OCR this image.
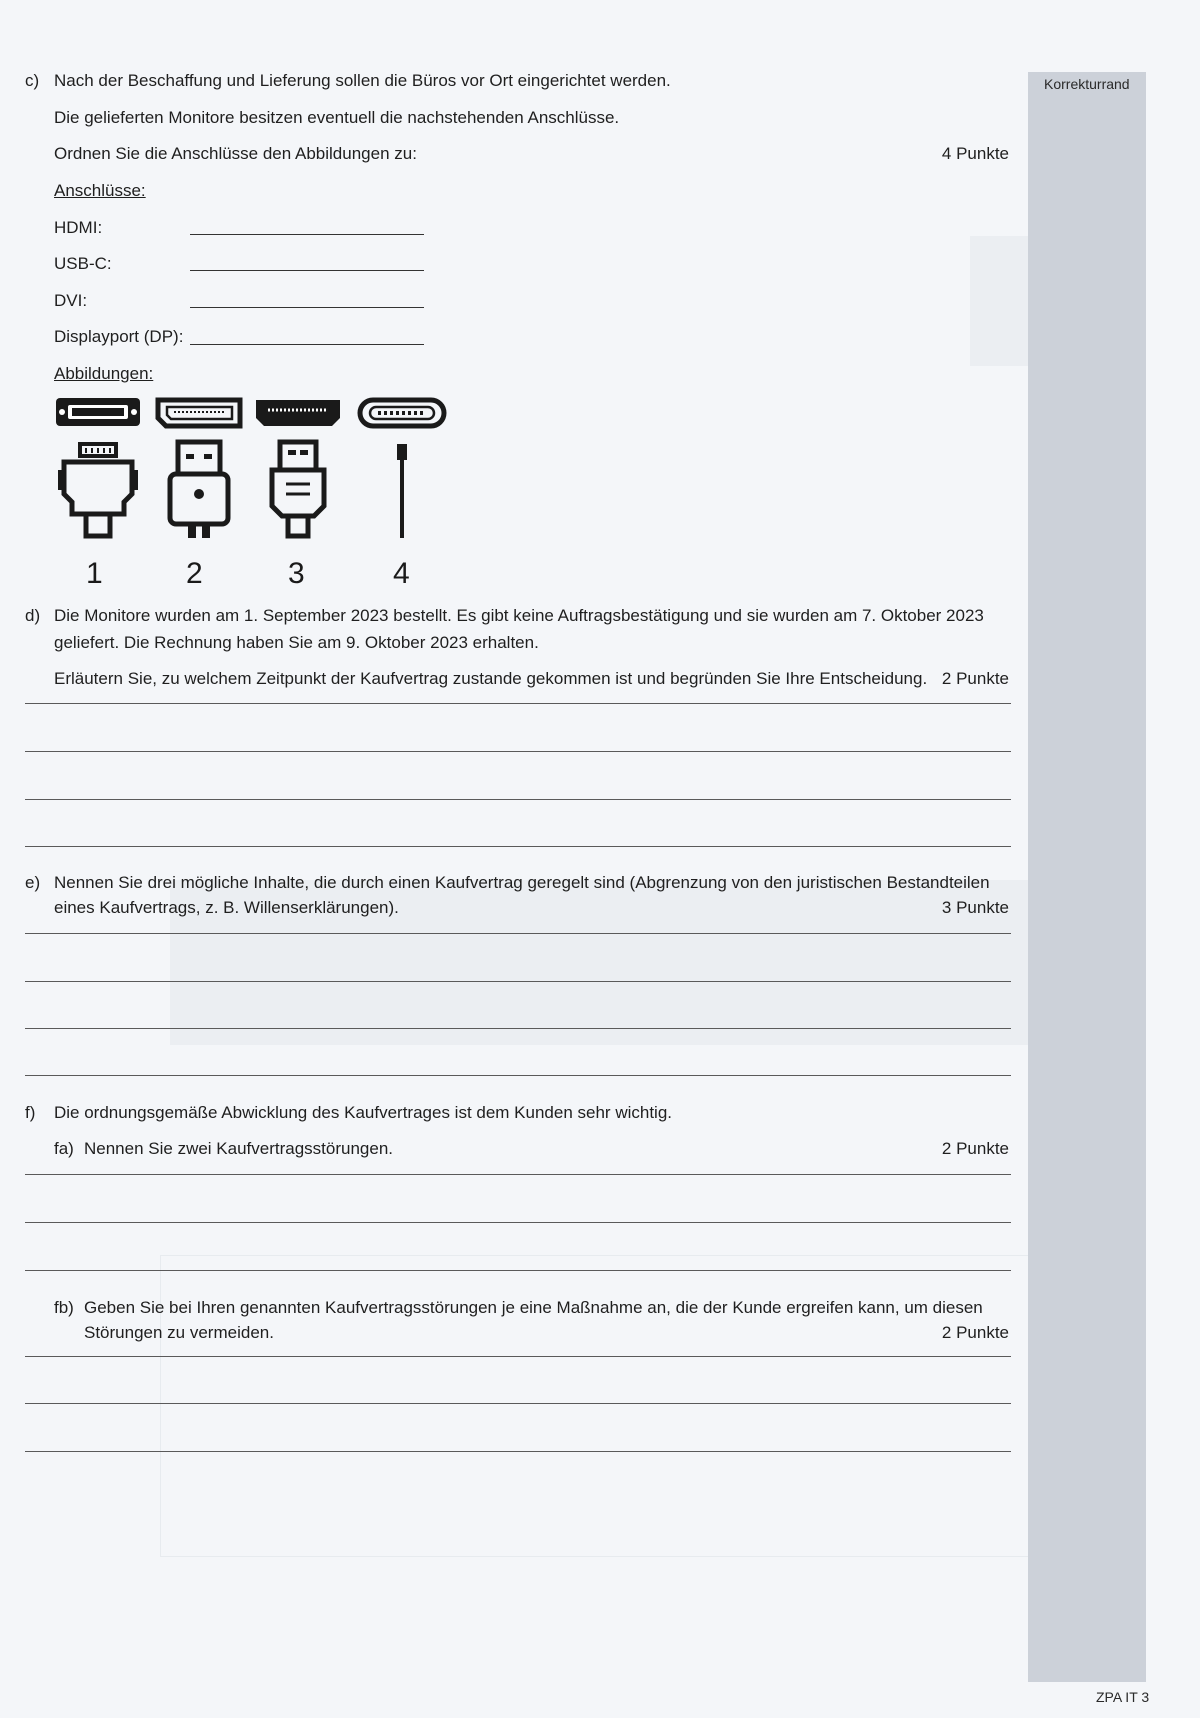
Korrekturrand
c) Nach der Beschaffung und Lieferung sollen die Büros vor Ort eingerichtet werden.
Die gelieferten Monitore besitzen eventuell die nachstehenden Anschlüsse.
Ordnen Sie die Anschlüsse den Abbildungen zu:	4 Punkte
Anschlüsse:
HDMI:
USB-C:
DVI:
Displayport (DP):
Abbildungen:
1	2	3	4
d) Die Monitore wurden am 1. September 2023 bestellt. Es gibt keine Auftragsbestätigung und sie wurden am 7. Oktober 2023
geliefert. Die Rechnung haben Sie am 9. Oktober 2023 erhalten.
Erläutern Sie, zu welchem Zeitpunkt der Kaufvertrag zustande gekommen ist und begründen Sie Ihre Entscheidung. 2 Punkte
e) Nennen Sie drei mögliche Inhalte, die durch einen Kaufvertrag geregelt sind (Abgrenzung von den juristischen Bestandteilen
eines Kaufvertrags, z. B. Willenserklärungen).	3 Punkte
f) Die ordnungsgemäße Abwicklung des Kaufvertrages ist dem Kunden sehr wichtig.
fa) Nennen Sie zwei Kaufvertragsstörungen.	2 Punkte
fb) Geben Sie bei Ihren genannten Kaufvertragsstörungen je eine Maßnahme an, die der Kunde ergreifen kann, um diesen
Störungen zu vermeiden.	2 Punkte
ZPA IT 3
